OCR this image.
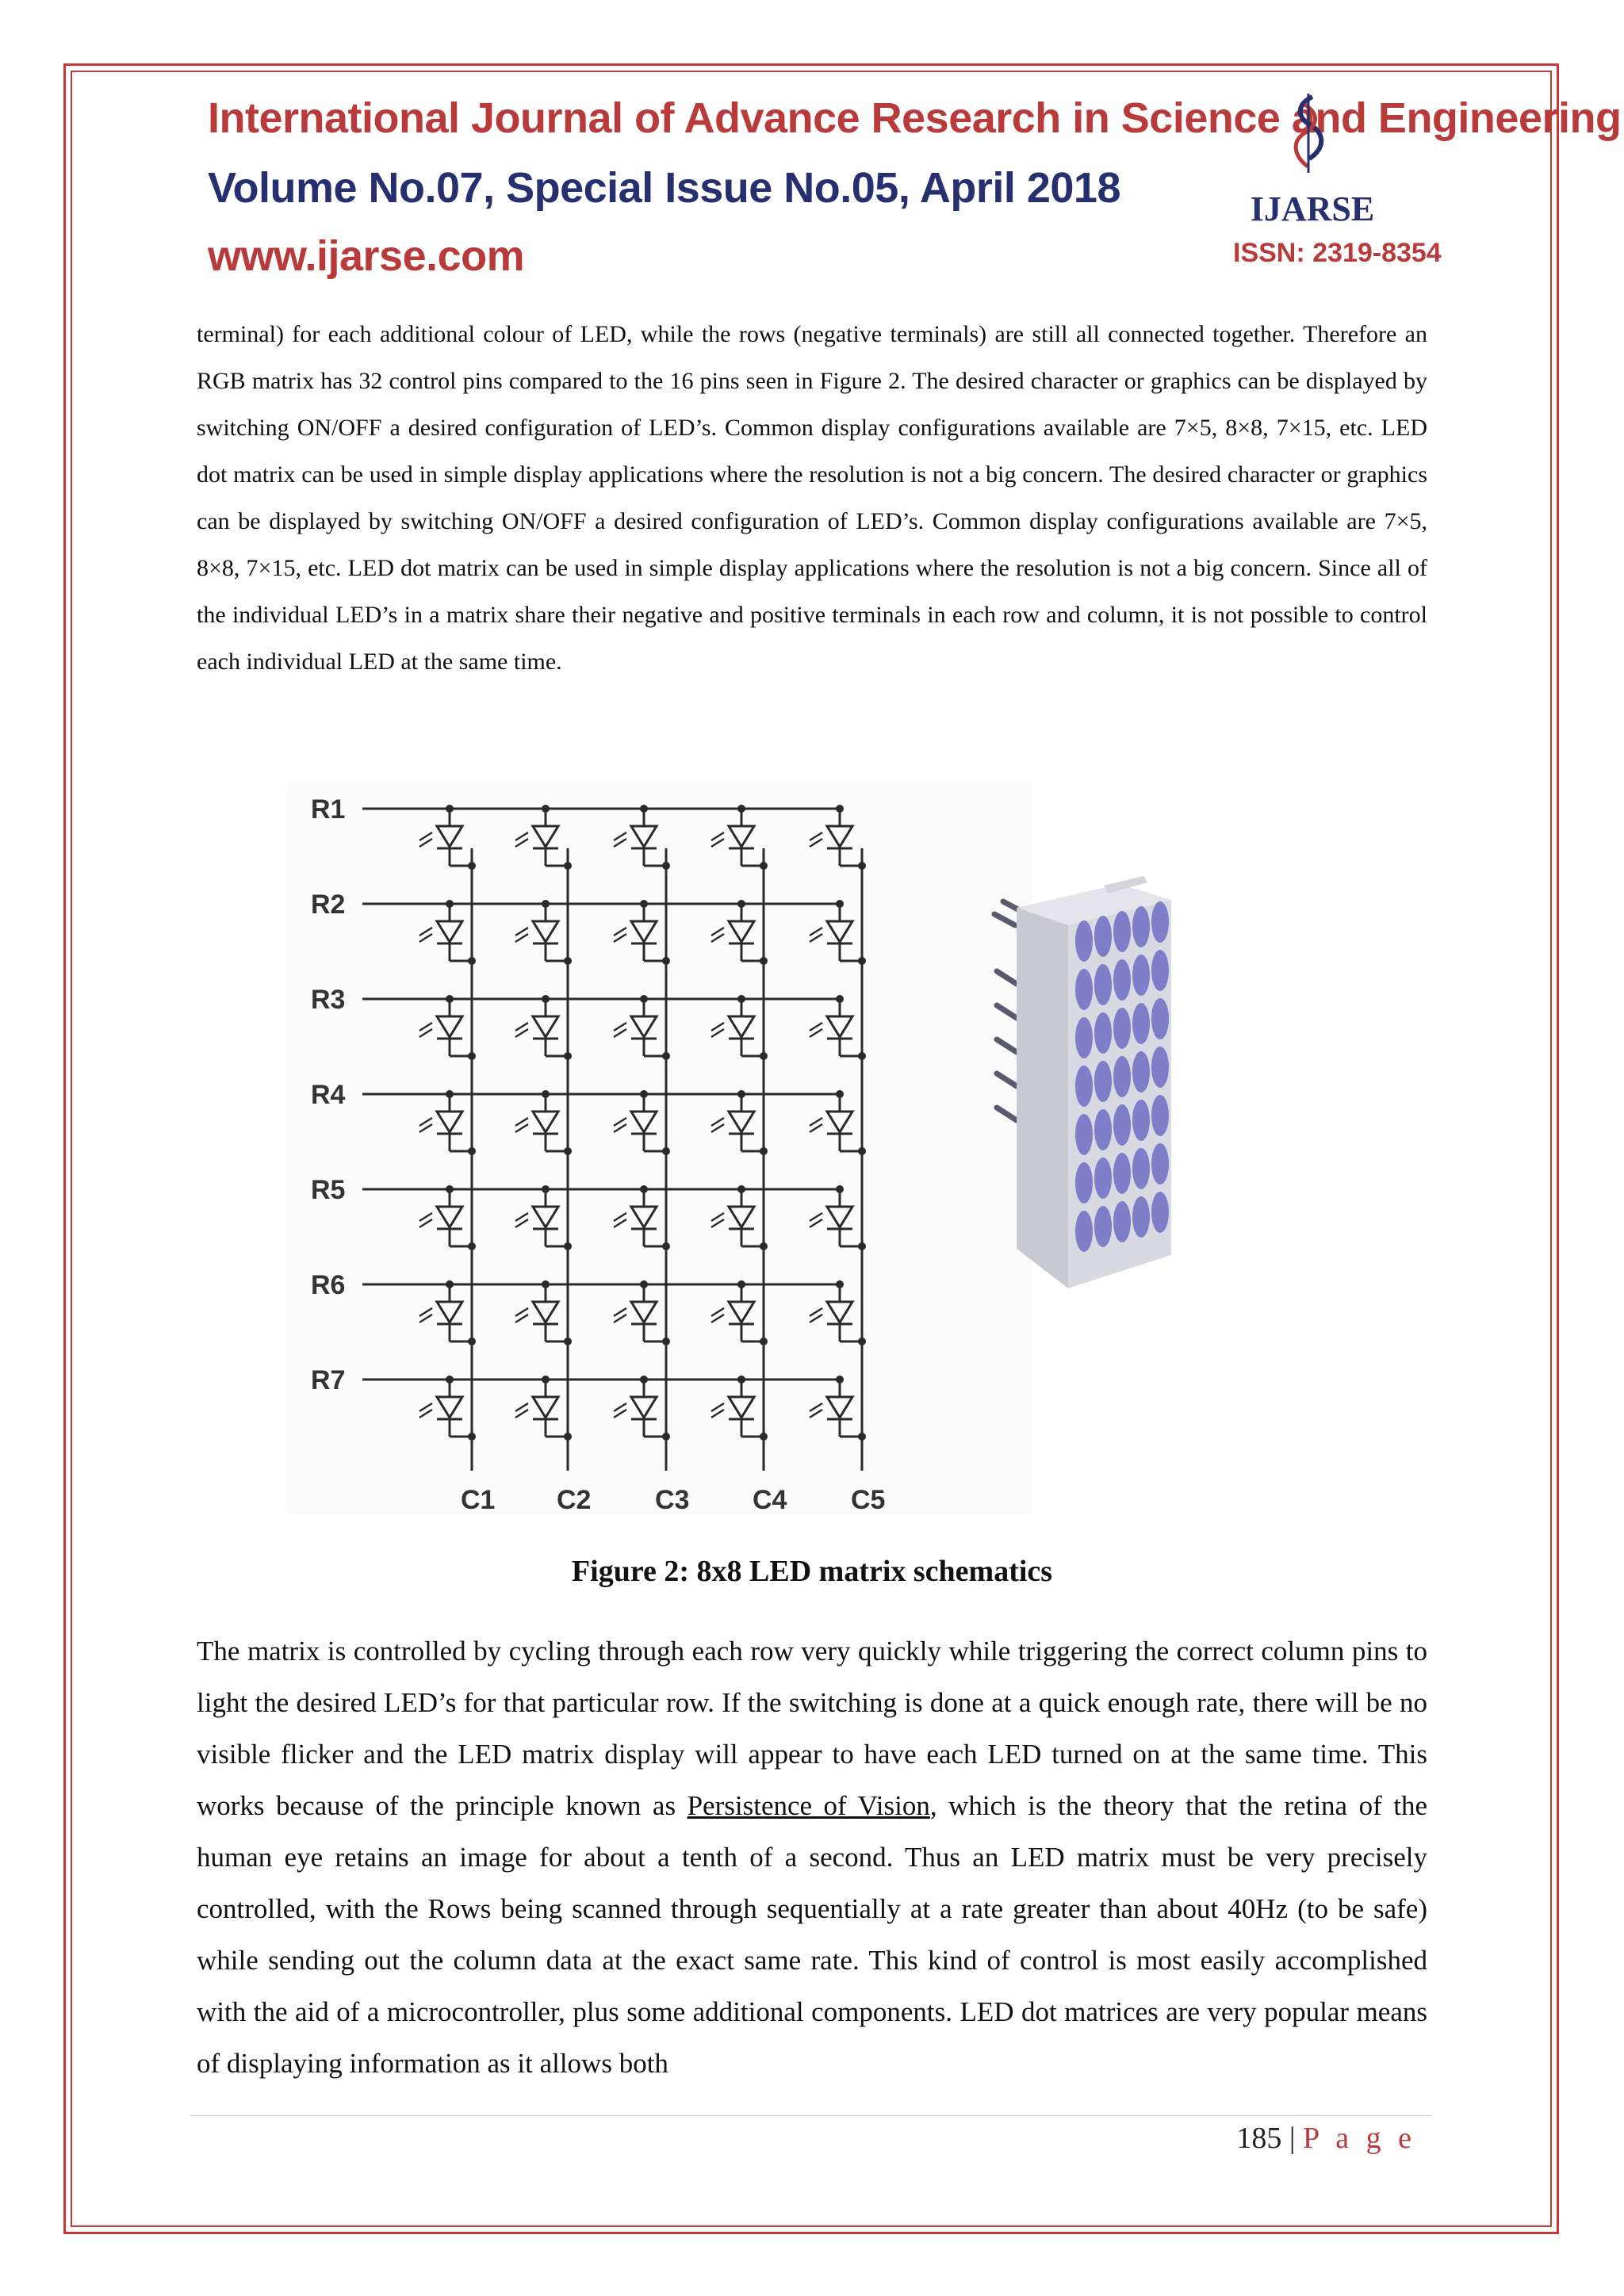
International Journal of Advance Research in Science and Engineering
Volume No.07, Special Issue No.05, April 2018
www.ijarse.com
IJARSE
ISSN: 2319-8354

terminal) for each additional colour of LED, while the rows (negative terminals) are still all connected together. Therefore an RGB matrix has 32 control pins compared to the 16 pins seen in Figure 2. The desired character or graphics can be displayed by switching ON/OFF a desired configuration of LED’s. Common display configurations available are 7×5, 8×8, 7×15, etc. LED dot matrix can be used in simple display applications where the resolution is not a big concern. The desired character or graphics can be displayed by switching ON/OFF a desired configuration of LED’s. Common display configurations available are 7×5, 8×8, 7×15, etc. LED dot matrix can be used in simple display applications where the resolution is not a big concern. Since all of the individual LED’s in a matrix share their negative and positive terminals in each row and column, it is not possible to control each individual LED at the same time.

C1 C2 C3 C4 C5
R1
R2
R3
R4
R5
R6
R7
Figure 2: 8x8 LED matrix schematics

The matrix is controlled by cycling through each row very quickly while triggering the correct column pins to light the desired LED’s for that particular row. If the switching is done at a quick enough rate, there will be no visible flicker and the LED matrix display will appear to have each LED turned on at the same time. This works because of the principle known as Persistence of Vision, which is the theory that the retina of the human eye retains an image for about a tenth of a second. Thus an LED matrix must be very precisely controlled, with the Rows being scanned through sequentially at a rate greater than about 40Hz (to be safe) while sending out the column data at the exact same rate. This kind of control is most easily accomplished with the aid of a microcontroller, plus some additional components. LED dot matrices are very popular means of displaying information as it allows both

185 | P a g e
